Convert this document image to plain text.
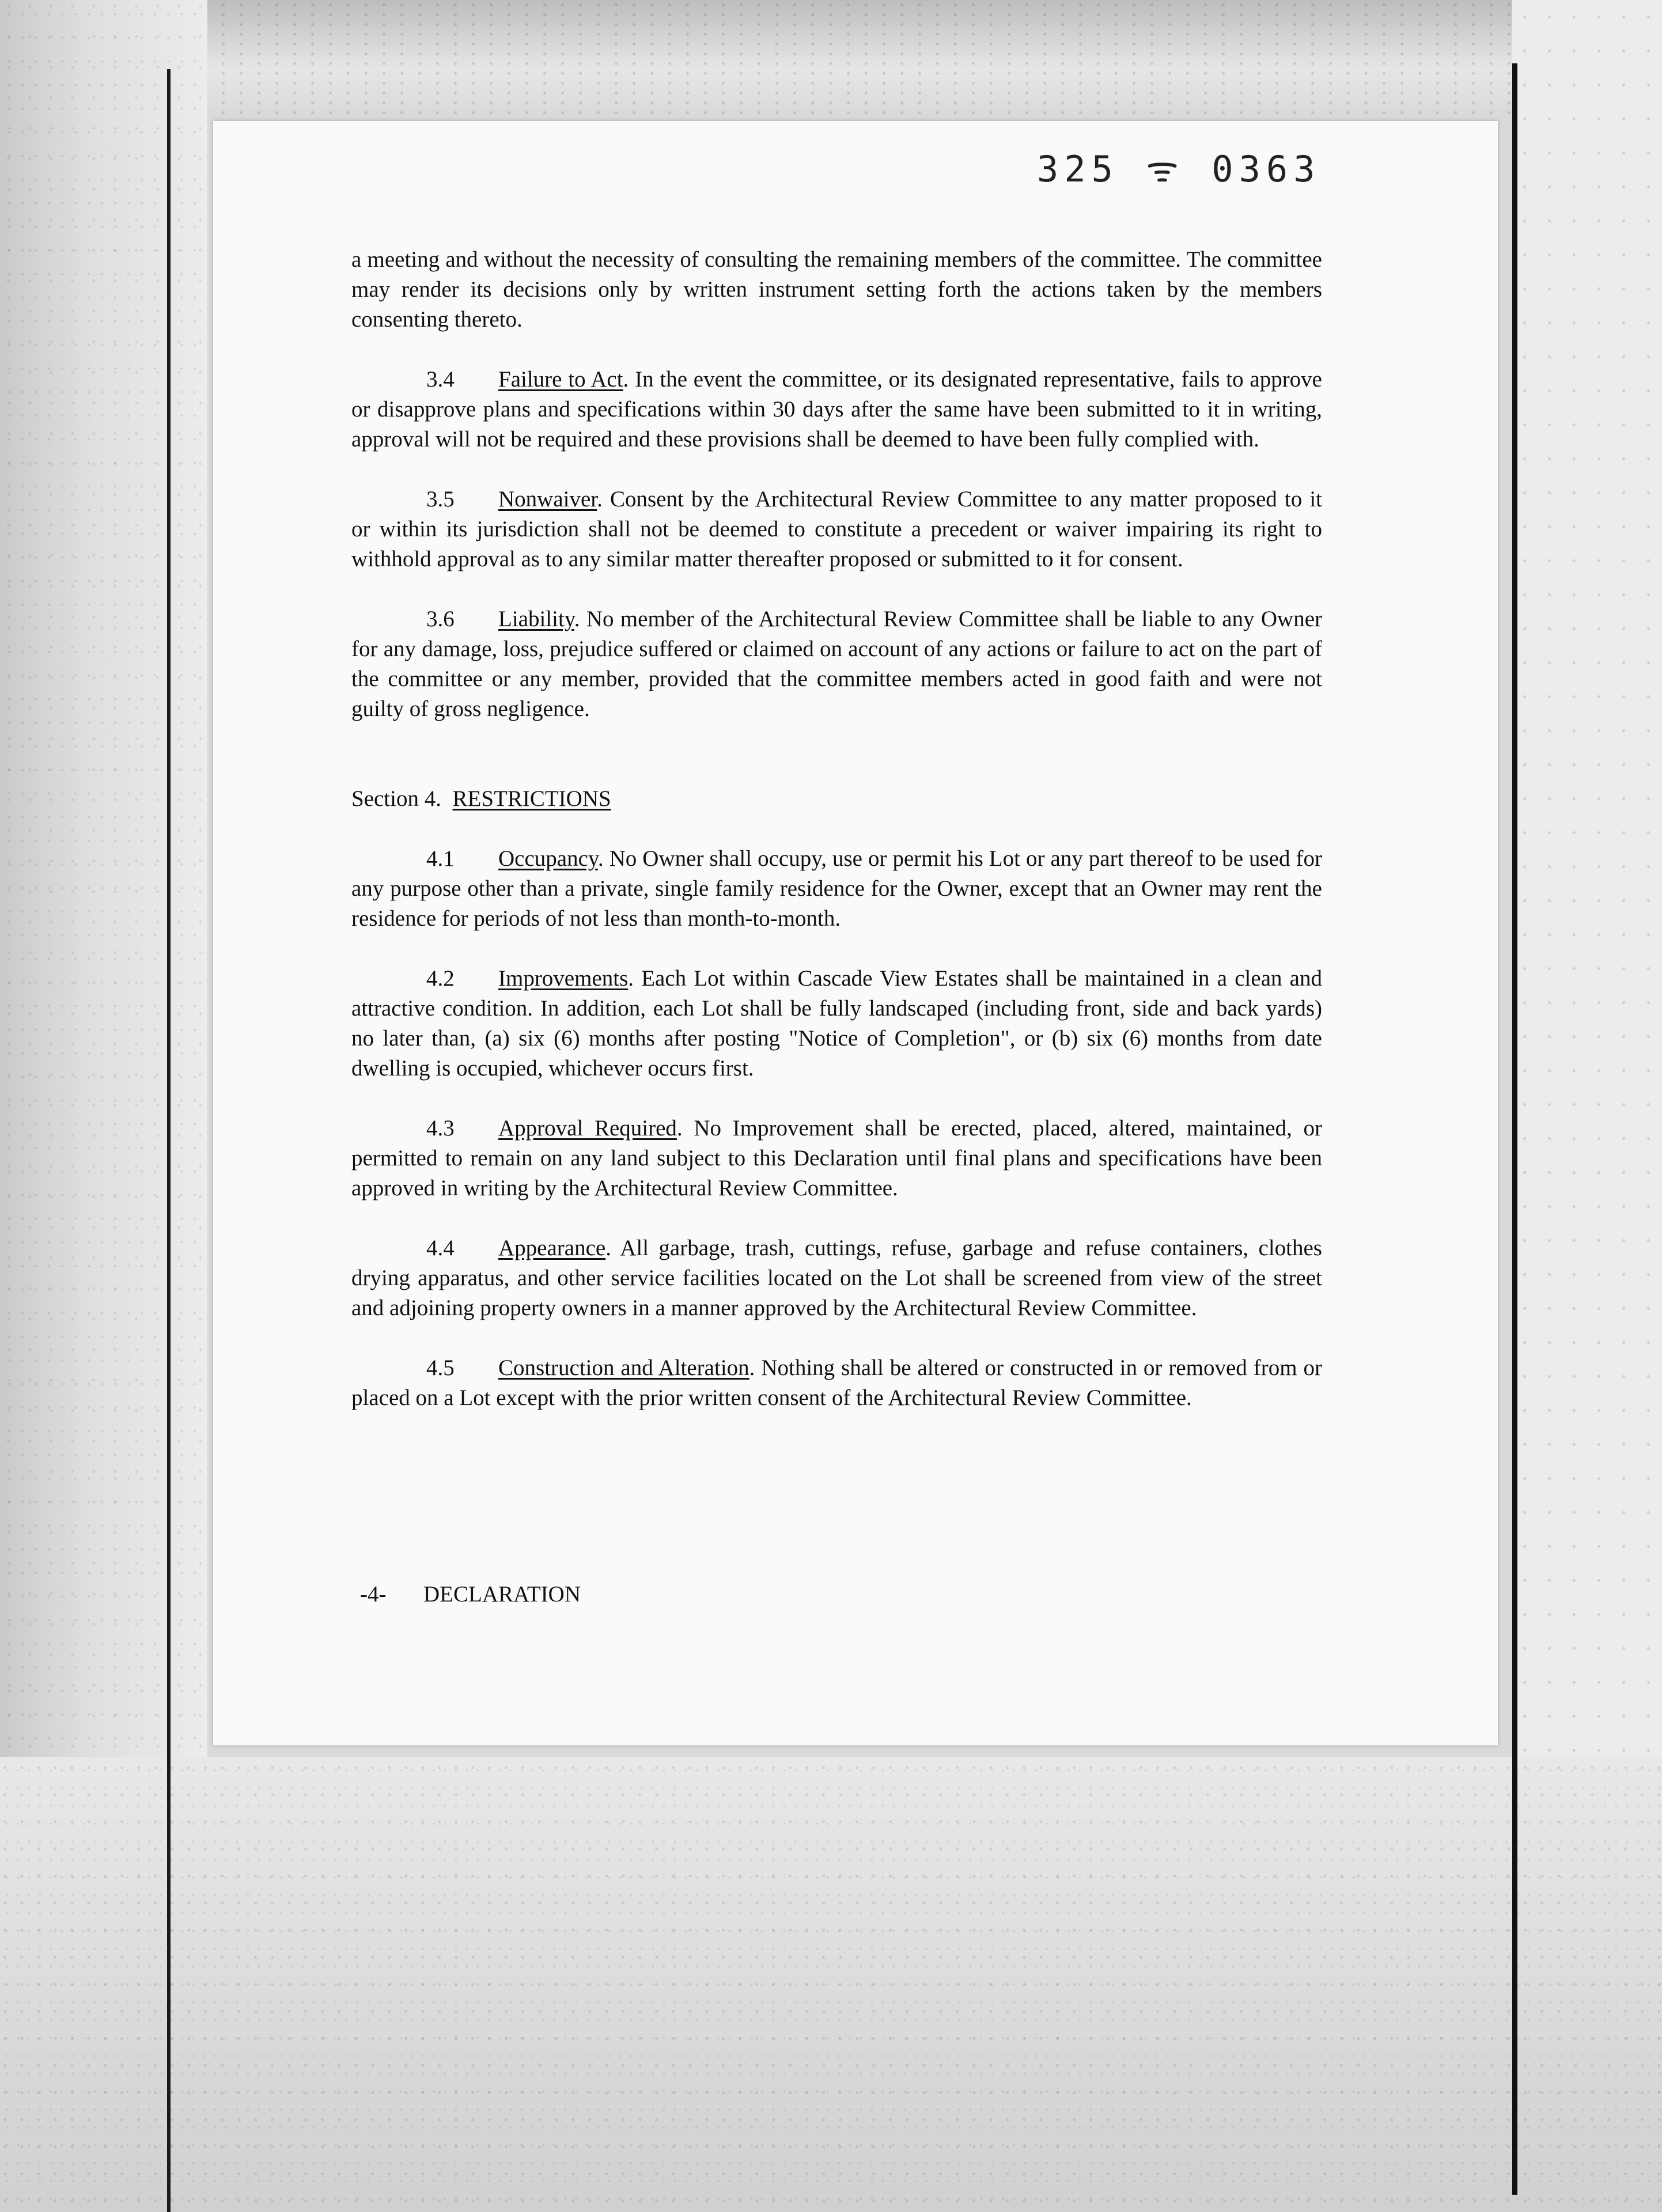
325 ᯤ 0363

a meeting and without the necessity of consulting the remaining members of the committee. The committee may render its decisions only by written instrument setting forth the actions taken by the members consenting thereto.

3.4 Failure to Act. In the event the committee, or its designated representative, fails to approve or disapprove plans and specifications within 30 days after the same have been submitted to it in writing, approval will not be required and these provisions shall be deemed to have been fully complied with.

3.5 Nonwaiver. Consent by the Architectural Review Committee to any matter proposed to it or within its jurisdiction shall not be deemed to constitute a precedent or waiver impairing its right to withhold approval as to any similar matter thereafter proposed or submitted to it for consent.

3.6 Liability. No member of the Architectural Review Committee shall be liable to any Owner for any damage, loss, prejudice suffered or claimed on account of any actions or failure to act on the part of the committee or any member, provided that the committee members acted in good faith and were not guilty of gross negligence.

Section 4. RESTRICTIONS

4.1 Occupancy. No Owner shall occupy, use or permit his Lot or any part thereof to be used for any purpose other than a private, single family residence for the Owner, except that an Owner may rent the residence for periods of not less than month-to-month.

4.2 Improvements. Each Lot within Cascade View Estates shall be maintained in a clean and attractive condition. In addition, each Lot shall be fully landscaped (including front, side and back yards) no later than, (a) six (6) months after posting "Notice of Completion", or (b) six (6) months from date dwelling is occupied, whichever occurs first.

4.3 Approval Required. No Improvement shall be erected, placed, altered, maintained, or permitted to remain on any land subject to this Declaration until final plans and specifications have been approved in writing by the Architectural Review Committee.

4.4 Appearance. All garbage, trash, cuttings, refuse, garbage and refuse containers, clothes drying apparatus, and other service facilities located on the Lot shall be screened from view of the street and adjoining property owners in a manner approved by the Architectural Review Committee.

4.5 Construction and Alteration. Nothing shall be altered or constructed in or removed from or placed on a Lot except with the prior written consent of the Architectural Review Committee.

-4- DECLARATION
